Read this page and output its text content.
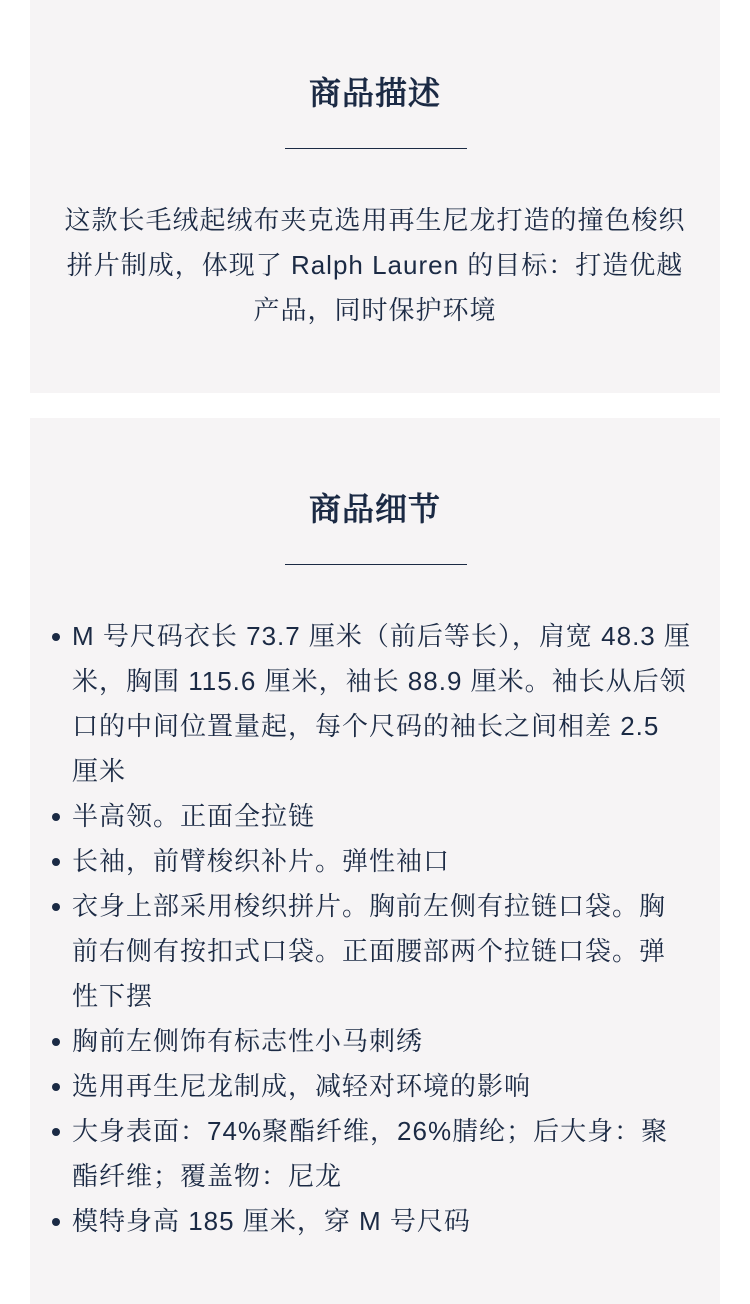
商品描述

这款长毛绒起绒布夹克选用再生尼龙打造的撞色梭织拼片制成，体现了 Ralph Lauren 的目标：打造优越产品，同时保护环境

商品细节
M 号尺码衣长 73.7 厘米（前后等长），肩宽 48.3 厘米，胸围 115.6 厘米，袖长 88.9 厘米。袖长从后领口的中间位置量起，每个尺码的袖长之间相差 2.5 厘米
半高领。正面全拉链
长袖，前臂梭织补片。弹性袖口
衣身上部采用梭织拼片。胸前左侧有拉链口袋。胸前右侧有按扣式口袋。正面腰部两个拉链口袋。弹性下摆
胸前左侧饰有标志性小马刺绣
选用再生尼龙制成，减轻对环境的影响
大身表面：74%聚酯纤维，26%腈纶；后大身：聚酯纤维；覆盖物：尼龙
模特身高 185 厘米，穿 M 号尺码
